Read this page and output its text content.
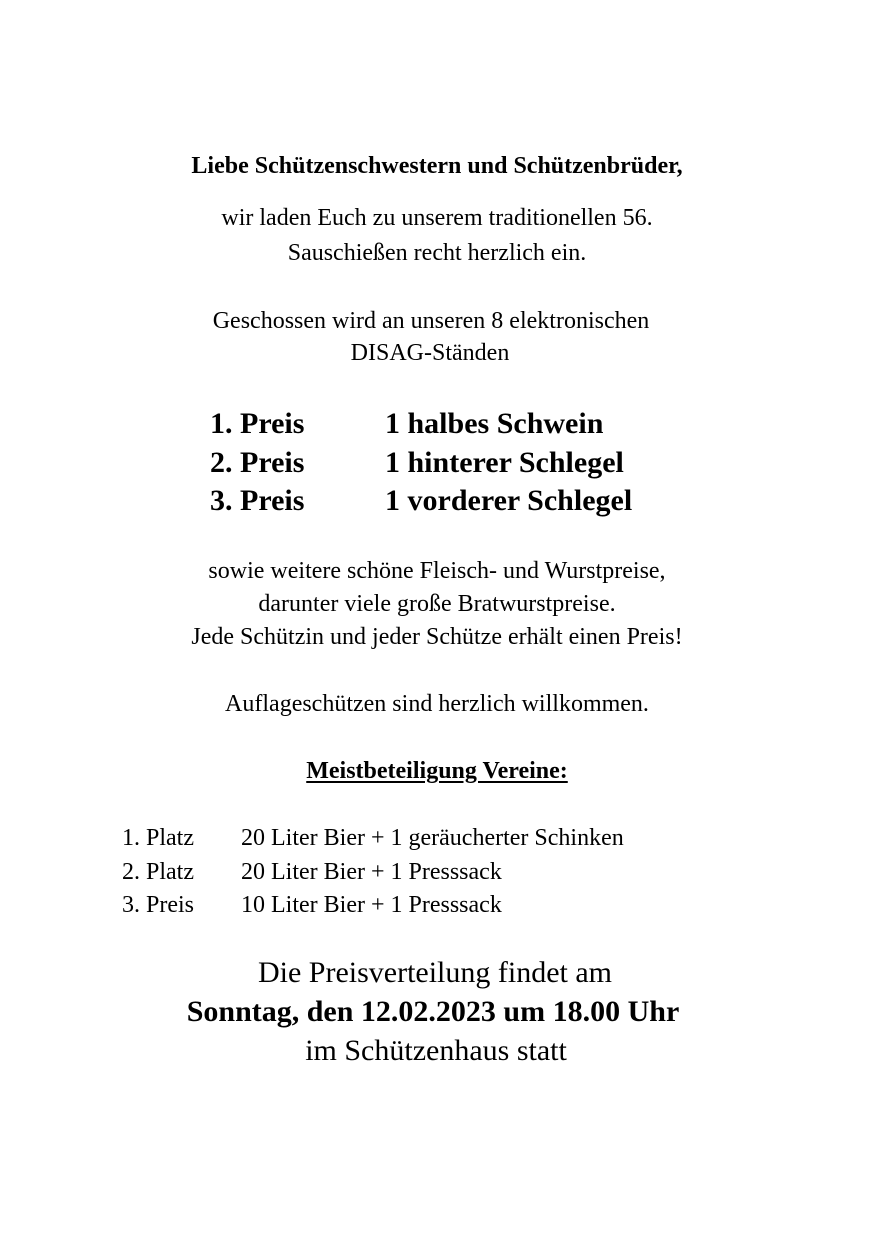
Liebe Schützenschwestern und Schützenbrüder,
wir laden Euch zu unserem traditionellen 56.
Sauschießen recht herzlich ein.
Geschossen wird an unseren 8 elektronischen
DISAG-Ständen
1. Preis	1 halbes Schwein
2. Preis	1 hinterer Schlegel
3. Preis	1 vorderer Schlegel
sowie weitere schöne Fleisch- und Wurstpreise,
darunter viele große Bratwurstpreise.
Jede Schützin und jeder Schütze erhält einen Preis!
Auflageschützen sind herzlich willkommen.
Meistbeteiligung Vereine:
1. Platz 20 Liter Bier + 1 geräucherter Schinken
2. Platz 20 Liter Bier + 1 Presssack
3. Preis 10 Liter Bier + 1 Presssack
Die Preisverteilung findet am
Sonntag, den 12.02.2023 um 18.00 Uhr
im Schützenhaus statt
